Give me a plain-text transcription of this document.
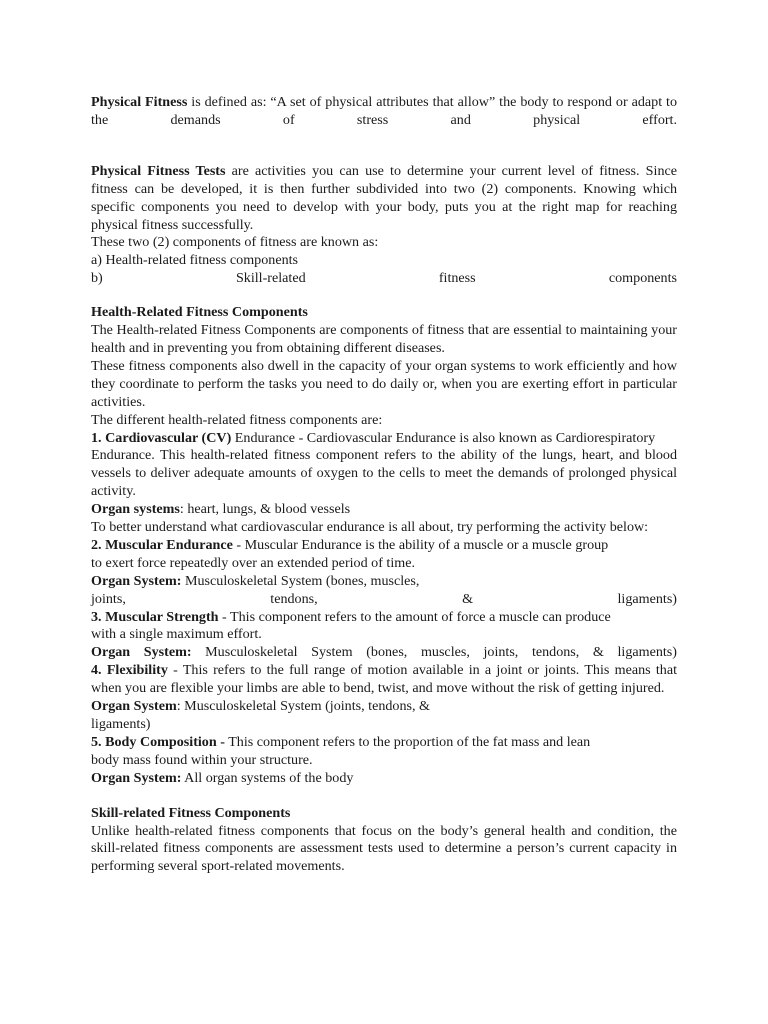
Physical Fitness is defined as: “A set of physical attributes that allow” the body to respond or adapt to the demands of stress and physical effort.

Physical Fitness Tests are activities you can use to determine your current level of fitness. Since fitness can be developed, it is then further subdivided into two (2) components. Knowing which specific components you need to develop with your body, puts you at the right map for reaching physical fitness successfully.

These two (2) components of fitness are known as:

a) Health-related fitness components

b) Skill-related fitness components

Health-Related Fitness Components

The Health-related Fitness Components are components of fitness that are essential to maintaining your health and in preventing you from obtaining different diseases.

These fitness components also dwell in the capacity of your organ systems to work efficiently and how they coordinate to perform the tasks you need to do daily or, when you are exerting effort in particular activities.

The different health-related fitness components are:

1. Cardiovascular (CV) Endurance - Cardiovascular Endurance is also known as Cardiorespiratory

Endurance. This health-related fitness component refers to the ability of the lungs, heart, and blood vessels to deliver adequate amounts of oxygen to the cells to meet the demands of prolonged physical activity.

Organ systems: heart, lungs, & blood vessels

To better understand what cardiovascular endurance is all about, try performing the activity below:

2. Muscular Endurance - Muscular Endurance is the ability of a muscle or a muscle group to exert force repeatedly over an extended period of time.

Organ System: Musculoskeletal System (bones, muscles,

joints, tendons, & ligaments)

3. Muscular Strength - This component refers to the amount of force a muscle can produce with a single maximum effort.

Organ System: Musculoskeletal System (bones, muscles, joints, tendons, & ligaments)

4. Flexibility - This refers to the full range of motion available in a joint or joints. This means that when you are flexible your limbs are able to bend, twist, and move without the risk of getting injured.

Organ System: Musculoskeletal System (joints, tendons, & ligaments)

5. Body Composition - This component refers to the proportion of the fat mass and lean body mass found within your structure.

Organ System: All organ systems of the body

Skill-related Fitness Components

Unlike health-related fitness components that focus on the body’s general health and condition, the skill-related fitness components are assessment tests used to determine a person’s current capacity in performing several sport-related movements.
